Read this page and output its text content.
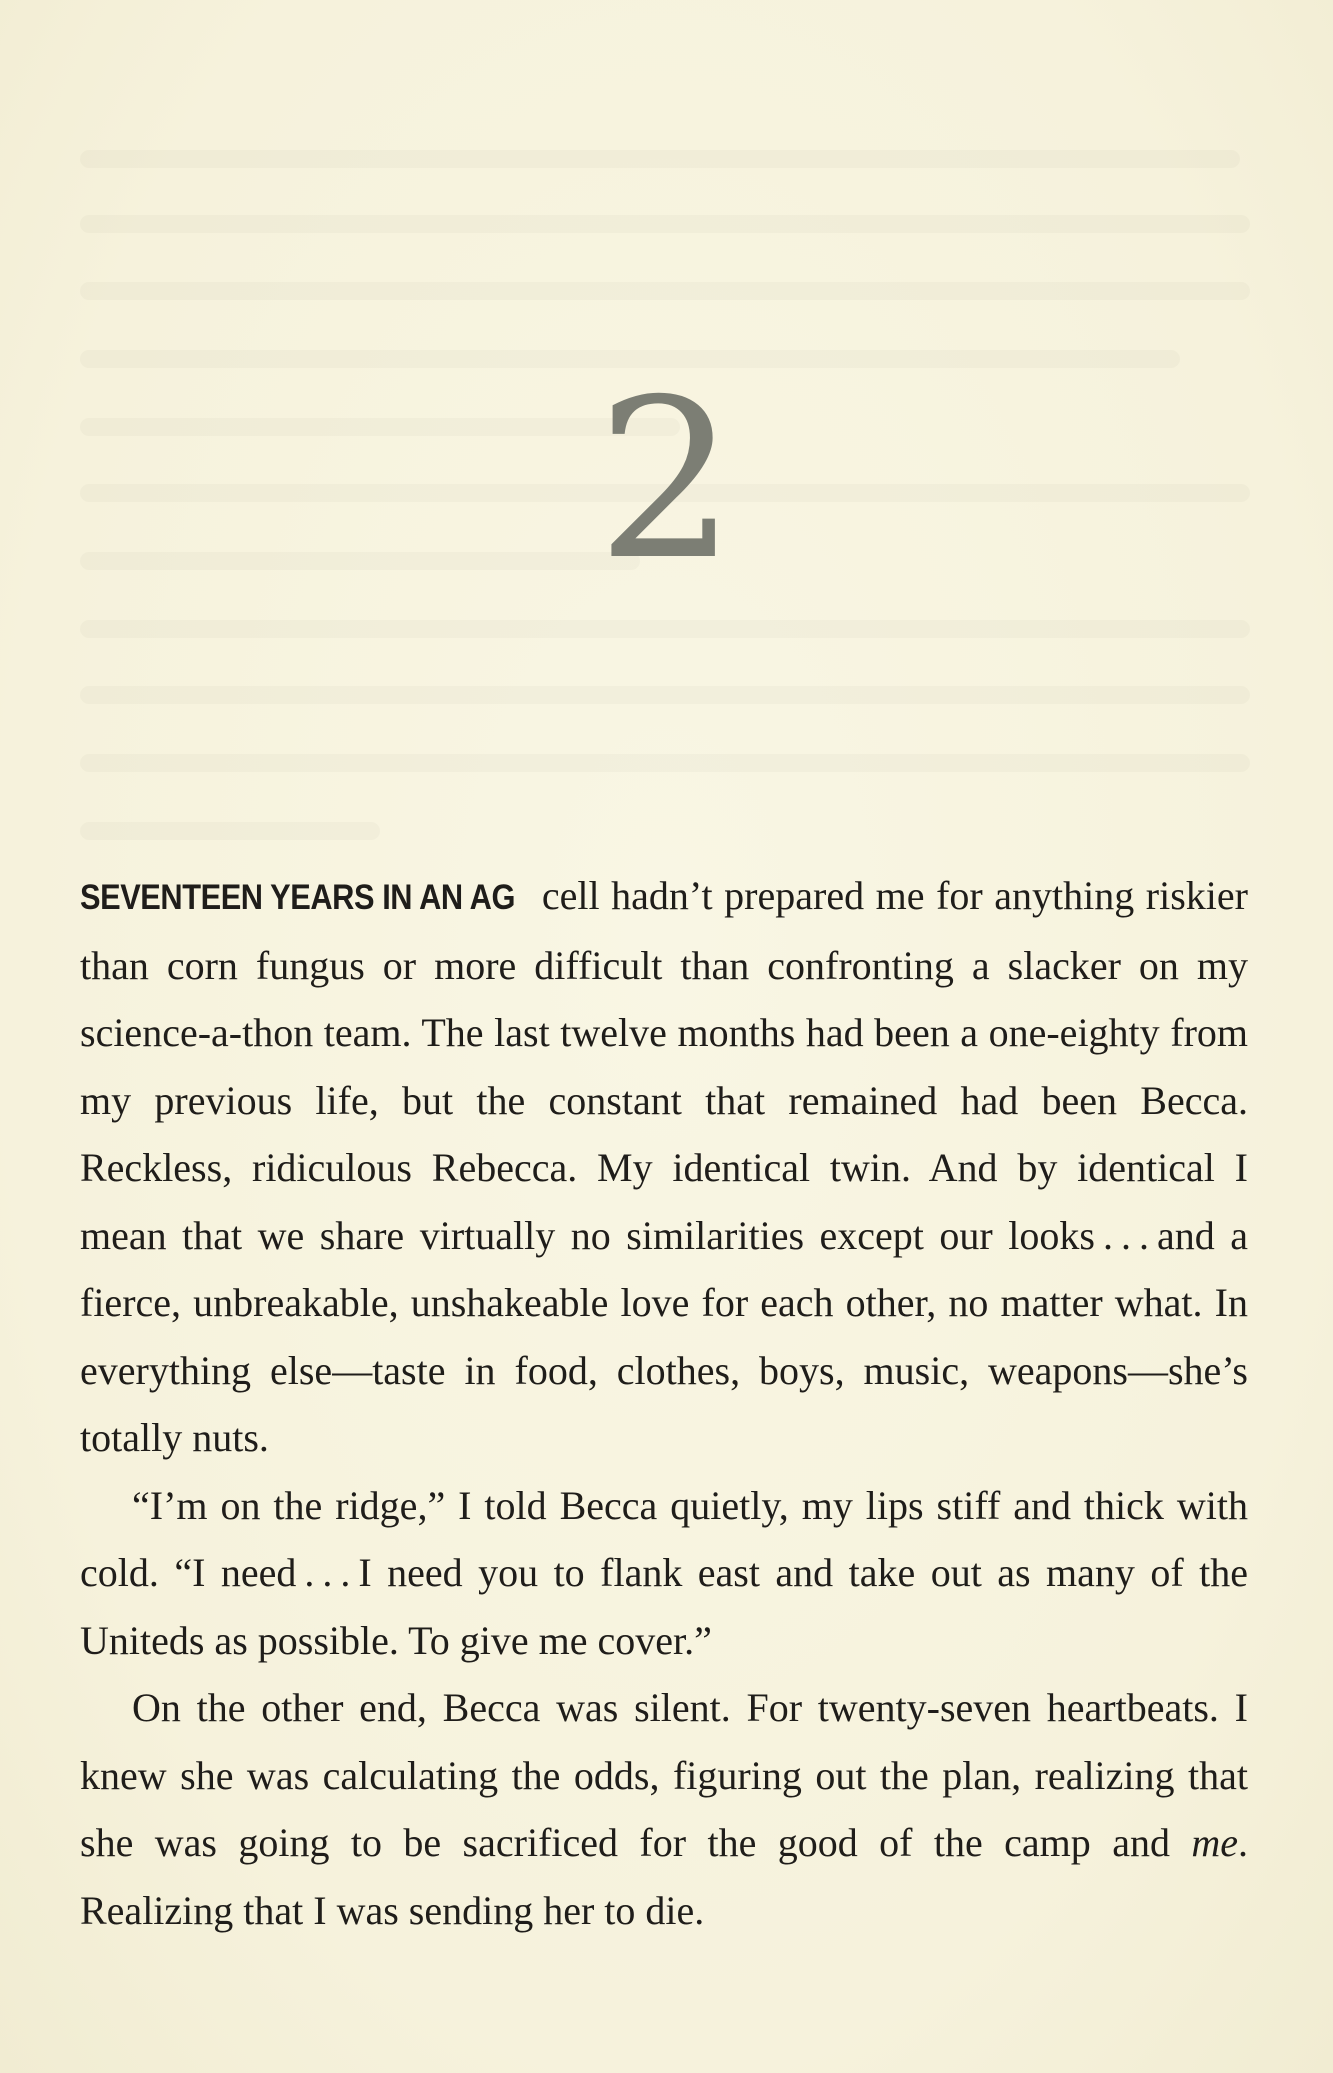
2

SEVENTEEN YEARS IN AN AG cell hadn’t prepared me for anything riskier than corn fungus or more difficult than confronting a slacker on my science-a-thon team. The last twelve months had been a one-eighty from my previous life, but the constant that remained had been Becca. Reckless, ridiculous Rebecca. My identical twin. And by identical I mean that we share virtually no similarities except our looks . . . and a fierce, unbreakable, unshakeable love for each other, no matter what. In everything else—taste in food, clothes, boys, music, weapons—she’s totally nuts.

“I’m on the ridge,” I told Becca quietly, my lips stiff and thick with cold. “I need . . . I need you to flank east and take out as many of the Uniteds as possible. To give me cover.”

On the other end, Becca was silent. For twenty-seven heartbeats. I knew she was calculating the odds, figuring out the plan, realizing that she was going to be sacrificed for the good of the camp and me. Realizing that I was sending her to die.
